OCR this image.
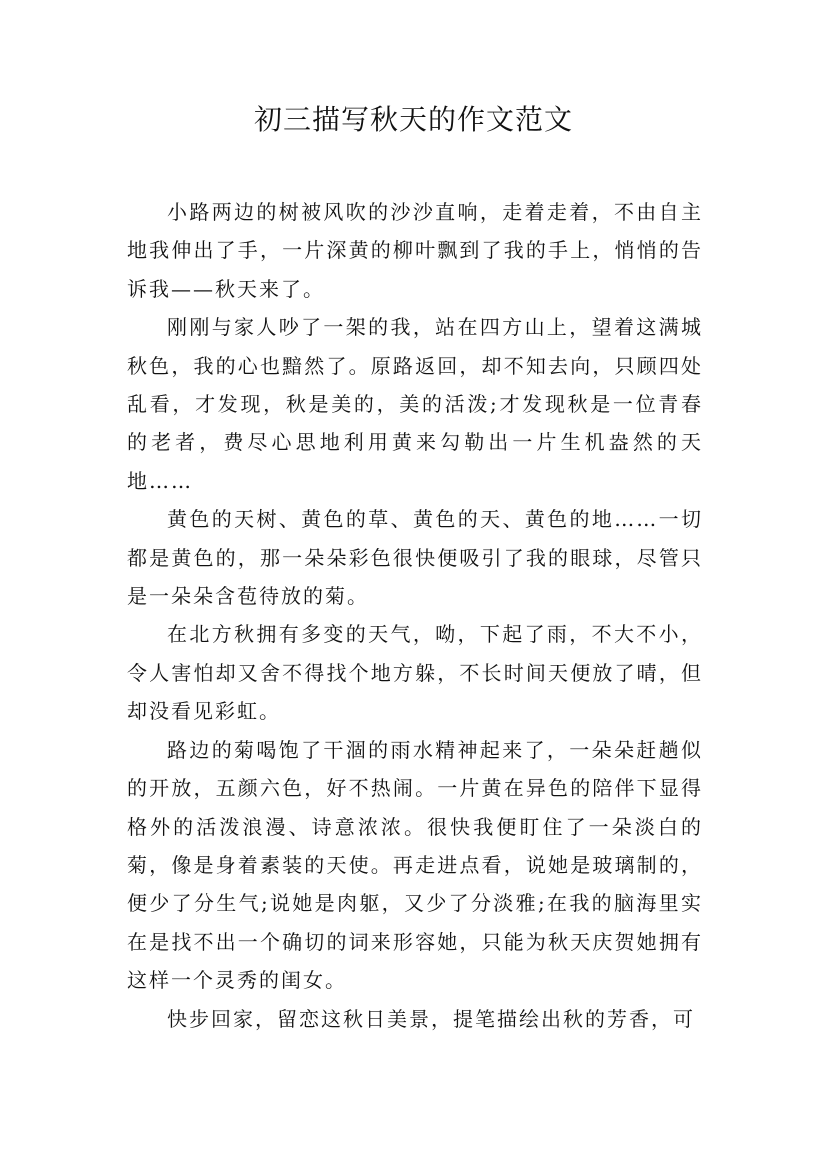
初三描写秋天的作文范文

小路两边的树被风吹的沙沙直响，走着走着，不由自主地我伸出了手，一片深黄的柳叶飘到了我的手上，悄悄的告诉我——秋天来了。

刚刚与家人吵了一架的我，站在四方山上，望着这满城秋色，我的心也黯然了。原路返回，却不知去向，只顾四处乱看，才发现，秋是美的，美的活泼;才发现秋是一位青春的老者，费尽心思地利用黄来勾勒出一片生机盎然的天地……

黄色的天树、黄色的草、黄色的天、黄色的地……一切都是黄色的，那一朵朵彩色很快便吸引了我的眼球，尽管只是一朵朵含苞待放的菊。

在北方秋拥有多变的天气，呦，下起了雨，不大不小，令人害怕却又舍不得找个地方躲，不长时间天便放了晴，但却没看见彩虹。

路边的菊喝饱了干涸的雨水精神起来了，一朵朵赶趟似的开放，五颜六色，好不热闹。一片黄在异色的陪伴下显得格外的活泼浪漫、诗意浓浓。很快我便盯住了一朵淡白的菊，像是身着素装的天使。再走进点看，说她是玻璃制的，便少了分生气;说她是肉躯，又少了分淡雅;在我的脑海里实在是找不出一个确切的词来形容她，只能为秋天庆贺她拥有这样一个灵秀的闺女。

快步回家，留恋这秋日美景，提笔描绘出秋的芳香，可
